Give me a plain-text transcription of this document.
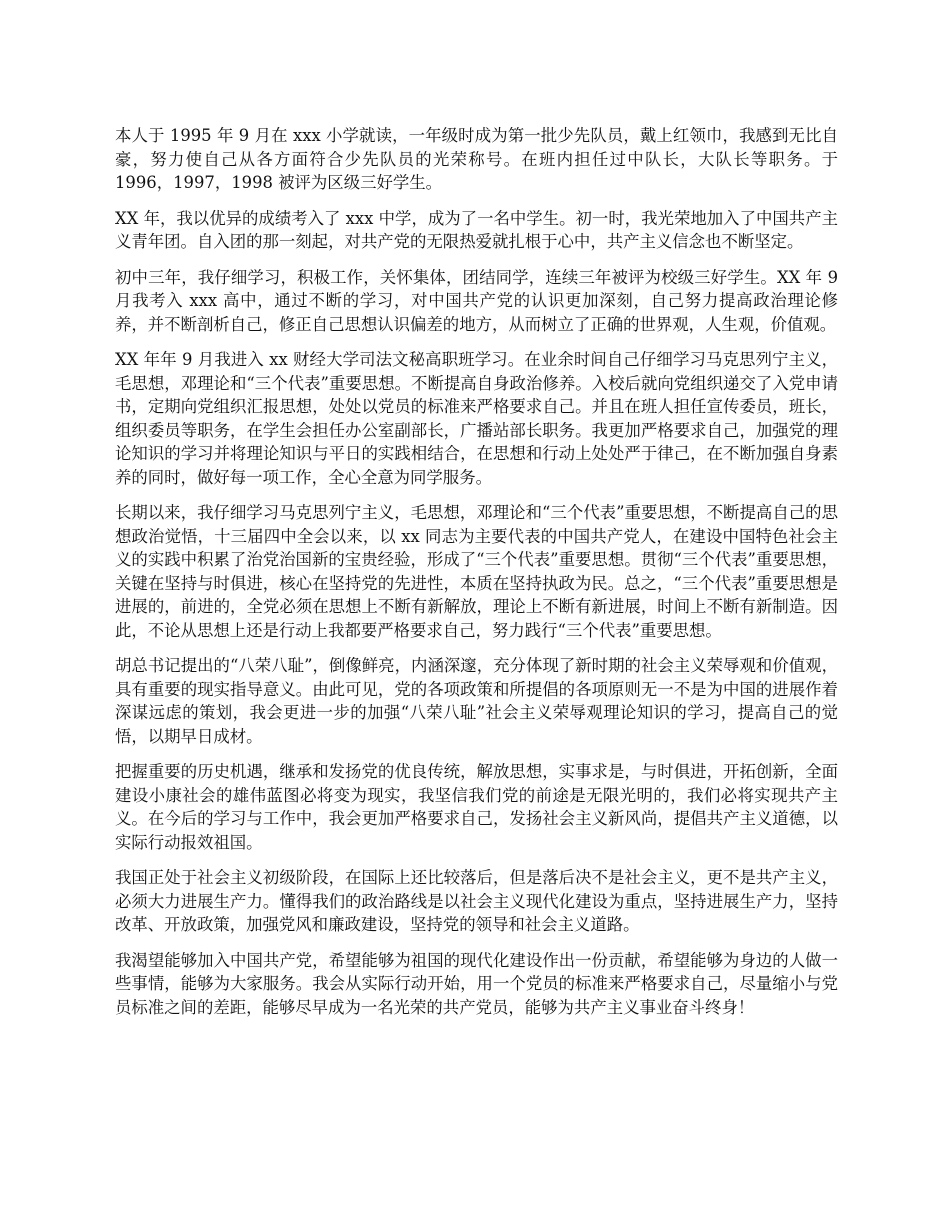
本人于 1995 年 9 月在 xxx 小学就读，一年级时成为第一批少先队员，戴上红领巾，我感到无比自豪，努力使自己从各方面符合少先队员的光荣称号。在班内担任过中队长，大队长等职务。于 1996，1997，1998 被评为区级三好学生。

XX 年，我以优异的成绩考入了 xxx 中学，成为了一名中学生。初一时，我光荣地加入了中国共产主义青年团。自入团的那一刻起，对共产党的无限热爱就扎根于心中，共产主义信念也不断坚定。

初中三年，我仔细学习，积极工作，关怀集体，团结同学，连续三年被评为校级三好学生。XX 年 9 月我考入 xxx 高中，通过不断的学习，对中国共产党的认识更加深刻，自己努力提高政治理论修养，并不断剖析自己，修正自己思想认识偏差的地方，从而树立了正确的世界观，人生观，价值观。

XX 年年 9 月我进入 xx 财经大学司法文秘高职班学习。在业余时间自己仔细学习马克思列宁主义，毛思想，邓理论和“三个代表”重要思想。不断提高自身政治修养。入校后就向党组织递交了入党申请书，定期向党组织汇报思想，处处以党员的标准来严格要求自己。并且在班人担任宣传委员，班长，组织委员等职务，在学生会担任办公室副部长，广播站部长职务。我更加严格要求自己，加强党的理论知识的学习并将理论知识与平日的实践相结合，在思想和行动上处处严于律己，在不断加强自身素养的同时，做好每一项工作，全心全意为同学服务。

长期以来，我仔细学习马克思列宁主义，毛思想，邓理论和“三个代表”重要思想，不断提高自己的思想政治觉悟，十三届四中全会以来，以 xx 同志为主要代表的中国共产党人，在建设中国特色社会主义的实践中积累了治党治国新的宝贵经验，形成了“三个代表”重要思想。贯彻“三个代表”重要思想，关键在坚持与时俱进，核心在坚持党的先进性，本质在坚持执政为民。总之，“三个代表”重要思想是进展的，前进的，全党必须在思想上不断有新解放，理论上不断有新进展，时间上不断有新制造。因此，不论从思想上还是行动上我都要严格要求自己，努力践行“三个代表”重要思想。

胡总书记提出的“八荣八耻”，倒像鲜亮，内涵深邃，充分体现了新时期的社会主义荣辱观和价值观，具有重要的现实指导意义。由此可见，党的各项政策和所提倡的各项原则无一不是为中国的进展作着深谋远虑的策划，我会更进一步的加强“八荣八耻”社会主义荣辱观理论知识的学习，提高自己的觉悟，以期早日成材。

把握重要的历史机遇，继承和发扬党的优良传统，解放思想，实事求是，与时俱进，开拓创新，全面建设小康社会的雄伟蓝图必将变为现实，我坚信我们党的前途是无限光明的，我们必将实现共产主义。在今后的学习与工作中，我会更加严格要求自己，发扬社会主义新风尚，提倡共产主义道德，以实际行动报效祖国。

我国正处于社会主义初级阶段，在国际上还比较落后，但是落后决不是社会主义，更不是共产主义，必须大力进展生产力。懂得我们的政治路线是以社会主义现代化建设为重点，坚持进展生产力，坚持改革、开放政策，加强党风和廉政建设，坚持党的领导和社会主义道路。

我渴望能够加入中国共产党，希望能够为祖国的现代化建设作出一份贡献，希望能够为身边的人做一些事情，能够为大家服务。我会从实际行动开始，用一个党员的标准来严格要求自己，尽量缩小与党员标准之间的差距，能够尽早成为一名光荣的共产党员，能够为共产主义事业奋斗终身！
